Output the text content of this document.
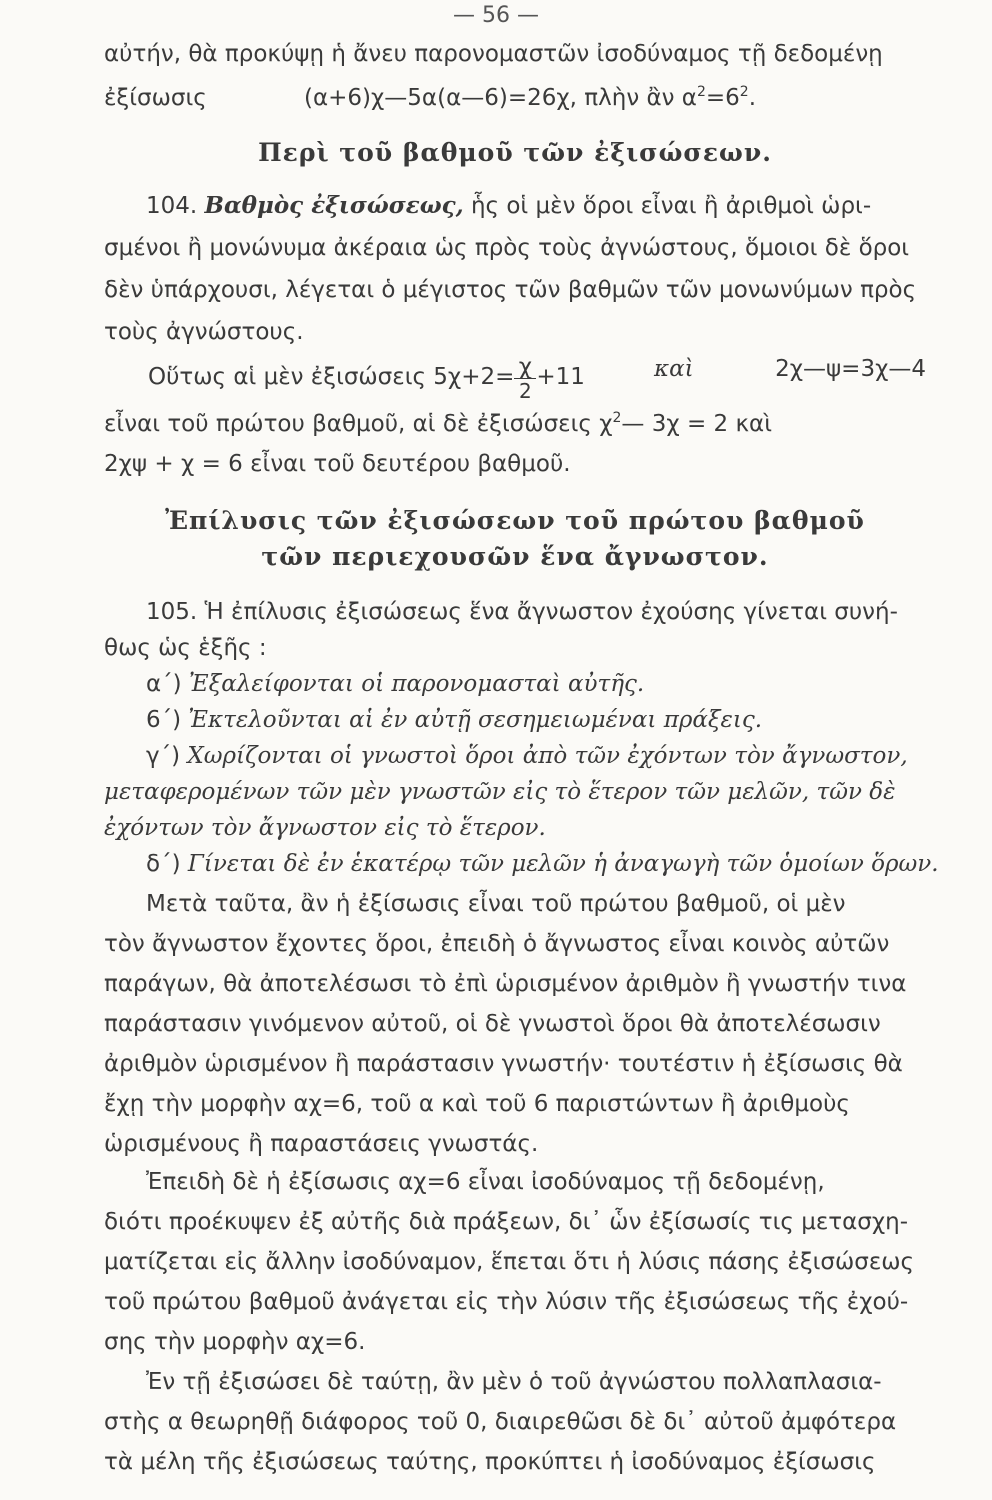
— 56 —
αὐτήν, θὰ προκύψῃ ἡ ἄνευ παρονομαστῶν ἰσοδύναμος τῇ δεδομένῃ
ἐξίσωσις	(α+6)χ—5α(α—6)=26χ, πλὴν ἂν $\alpha^2=6^2$.
Περὶ τοῦ βαθμοῦ τῶν ἐξισώσεων.
104. Βαθμὸς ἐξισώσεως, ἧς οἱ μὲν ὅροι εἶναι ἢ ἀριθμοὶ ὡρι-
σμένοι ἢ μονώνυμα ἀκέραια ὡς πρὸς τοὺς ἀγνώστους, ὅμοιοι δὲ ὅροι
δὲν ὑπάρχουσι, λέγεται ὁ μέγιστος τῶν βαθμῶν τῶν μονωνύμων πρὸς
τοὺς ἀγνώστους.
Οὕτως αἱ μὲν ἐξισώσεις $5\chi+2= \frac{\chi}{2} +11$	καὶ	2χ—ψ=3χ—4
εἶναι τοῦ πρώτου βαθμοῦ, αἱ δὲ ἐξισώσεις $\chi^2—$ 3χ = 2 καὶ
2χψ + χ = 6 εἶναι τοῦ δευτέρου βαθμοῦ.
Ἐπίλυσις τῶν ἐξισώσεων τοῦ πρώτου βαθμοῦ
τῶν περιεχουσῶν ἕνα ἄγνωστον.
105. Ἡ ἐπίλυσις ἐξισώσεως ἕνα ἄγνωστον ἐχούσης γίνεται συνή-
θως ὡς ἑξῆς :
α΄) Ἐξαλείφονται οἱ παρονομασταὶ αὐτῆς.
6΄) Ἐκτελοῦνται αἱ ἐν αὐτῇ σεσημειωμέναι πράξεις.
γ΄) Χωρίζονται οἱ γνωστοὶ ὅροι ἀπὸ τῶν ἐχόντων τὸν ἄγνωστον,
μεταφερομένων τῶν μὲν γνωστῶν εἰς τὸ ἕτερον τῶν μελῶν, τῶν δὲ
ἐχόντων τὸν ἄγνωστον εἰς τὸ ἕτερον.
δ΄) Γίνεται δὲ ἐν ἑκατέρῳ τῶν μελῶν ἡ ἀναγωγὴ τῶν ὁμοίων ὅρων.
Μετὰ ταῦτα, ἂν ἡ ἐξίσωσις εἶναι τοῦ πρώτου βαθμοῦ, οἱ μὲν
τὸν ἄγνωστον ἔχοντες ὅροι, ἐπειδὴ ὁ ἄγνωστος εἶναι κοινὸς αὐτῶν
παράγων, θὰ ἀποτελέσωσι τὸ ἐπὶ ὡρισμένον ἀριθμὸν ἢ γνωστήν τινα
παράστασιν γινόμενον αὐτοῦ, οἱ δὲ γνωστοὶ ὅροι θὰ ἀποτελέσωσιν
ἀριθμὸν ὡρισμένον ἢ παράστασιν γνωστήν· τουτέστιν ἡ ἐξίσωσις θὰ
ἔχῃ τὴν μορφὴν αχ=6, τοῦ α καὶ τοῦ 6 παριστώντων ἢ ἀριθμοὺς
ὡρισμένους ἢ παραστάσεις γνωστάς.
Ἐπειδὴ δὲ ἡ ἐξίσωσις αχ=6 εἶναι ἰσοδύναμος τῇ δεδομένῃ,
διότι προέκυψεν ἐξ αὐτῆς διὰ πράξεων, δι᾽ ὧν ἐξίσωσίς τις μετασχη-
ματίζεται εἰς ἄλλην ἰσοδύναμον, ἕπεται ὅτι ἡ λύσις πάσης ἐξισώσεως
τοῦ πρώτου βαθμοῦ ἀνάγεται εἰς τὴν λύσιν τῆς ἐξισώσεως τῆς ἐχού-
σης τὴν μορφὴν αχ=6.
Ἐν τῇ ἐξισώσει δὲ ταύτῃ, ἂν μὲν ὁ τοῦ ἀγνώστου πολλαπλασια-
στὴς α θεωρηθῇ διάφορος τοῦ 0, διαιρεθῶσι δὲ δι᾽ αὐτοῦ ἀμφότερα
τὰ μέλη τῆς ἐξισώσεως ταύτης, προκύπτει ἡ ἰσοδύναμος ἐξίσωσις
